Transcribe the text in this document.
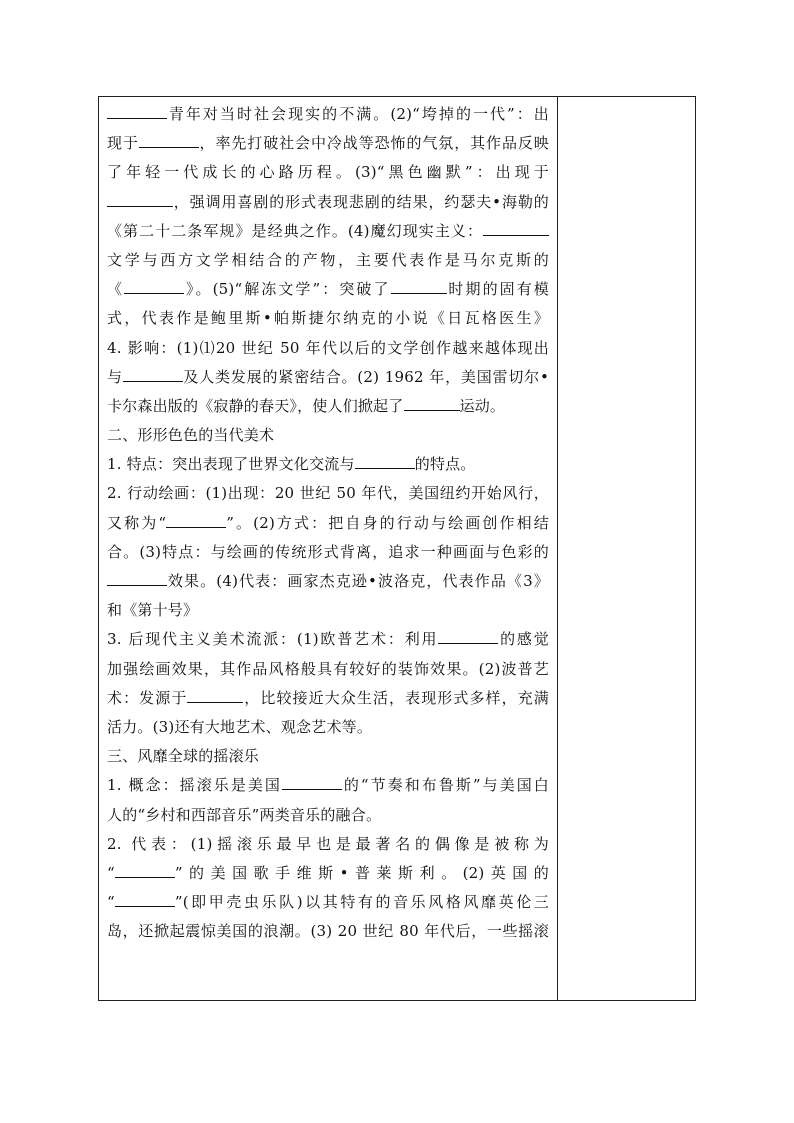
青年对当时社会现实的不满。(2)“垮掉的一代”：出
现于	，率先打破社会中冷战等恐怖的气氛，其作品反映
了年轻一代成长的心路历程。(3)“黑色幽默”：出现于
，强调用喜剧的形式表现悲剧的结果，约瑟夫•海勒的
《第二十二条军规》是经典之作。(4)魔幻现实主义：
文学与西方文学相结合的产物，主要代表作是马尔克斯的
《	》。(5)“解冻文学”：突破了	时期的固有模
式，代表作是鲍里斯•帕斯捷尔纳克的小说《日瓦格医生》
4. 影响：(1)⑴20 世纪 50 年代以后的文学创作越来越体现出
与	及人类发展的紧密结合。(2) 1962 年，美国雷切尔•
卡尔森出版的《寂静的春天》，使人们掀起了	运动。
二、形形色色的当代美术
1. 特点：突出表现了世界文化交流与	的特点。
2. 行动绘画：(1)出现：20 世纪 50 年代，美国纽约开始风行，
又称为“	”。(2)方式：把自身的行动与绘画创作相结
合。(3)特点：与绘画的传统形式背离，追求一种画面与色彩的
效果。(4)代表：画家杰克逊•波洛克，代表作品《3》
和《第十号》
3. 后现代主义美术流派：(1)欧普艺术：利用	的感觉
加强绘画效果，其作品风格般具有较好的装饰效果。(2)波普艺
术：发源于	，比较接近大众生活，表现形式多样，充满
活力。(3)还有大地艺术、观念艺术等。
三、风靡全球的摇滚乐
1. 概念：摇滚乐是美国	的“节奏和布鲁斯”与美国白
人的“乡村和西部音乐”两类音乐的融合。
2. 代表：(1)摇滚乐最早也是最著名的偶像是被称为
“	”的美国歌手维斯•普莱斯利。(2)英国的
“	”(即甲壳虫乐队)以其特有的音乐风格风靡英伦三
岛，还掀起震惊美国的浪潮。(3) 20 世纪 80 年代后，一些摇滚
